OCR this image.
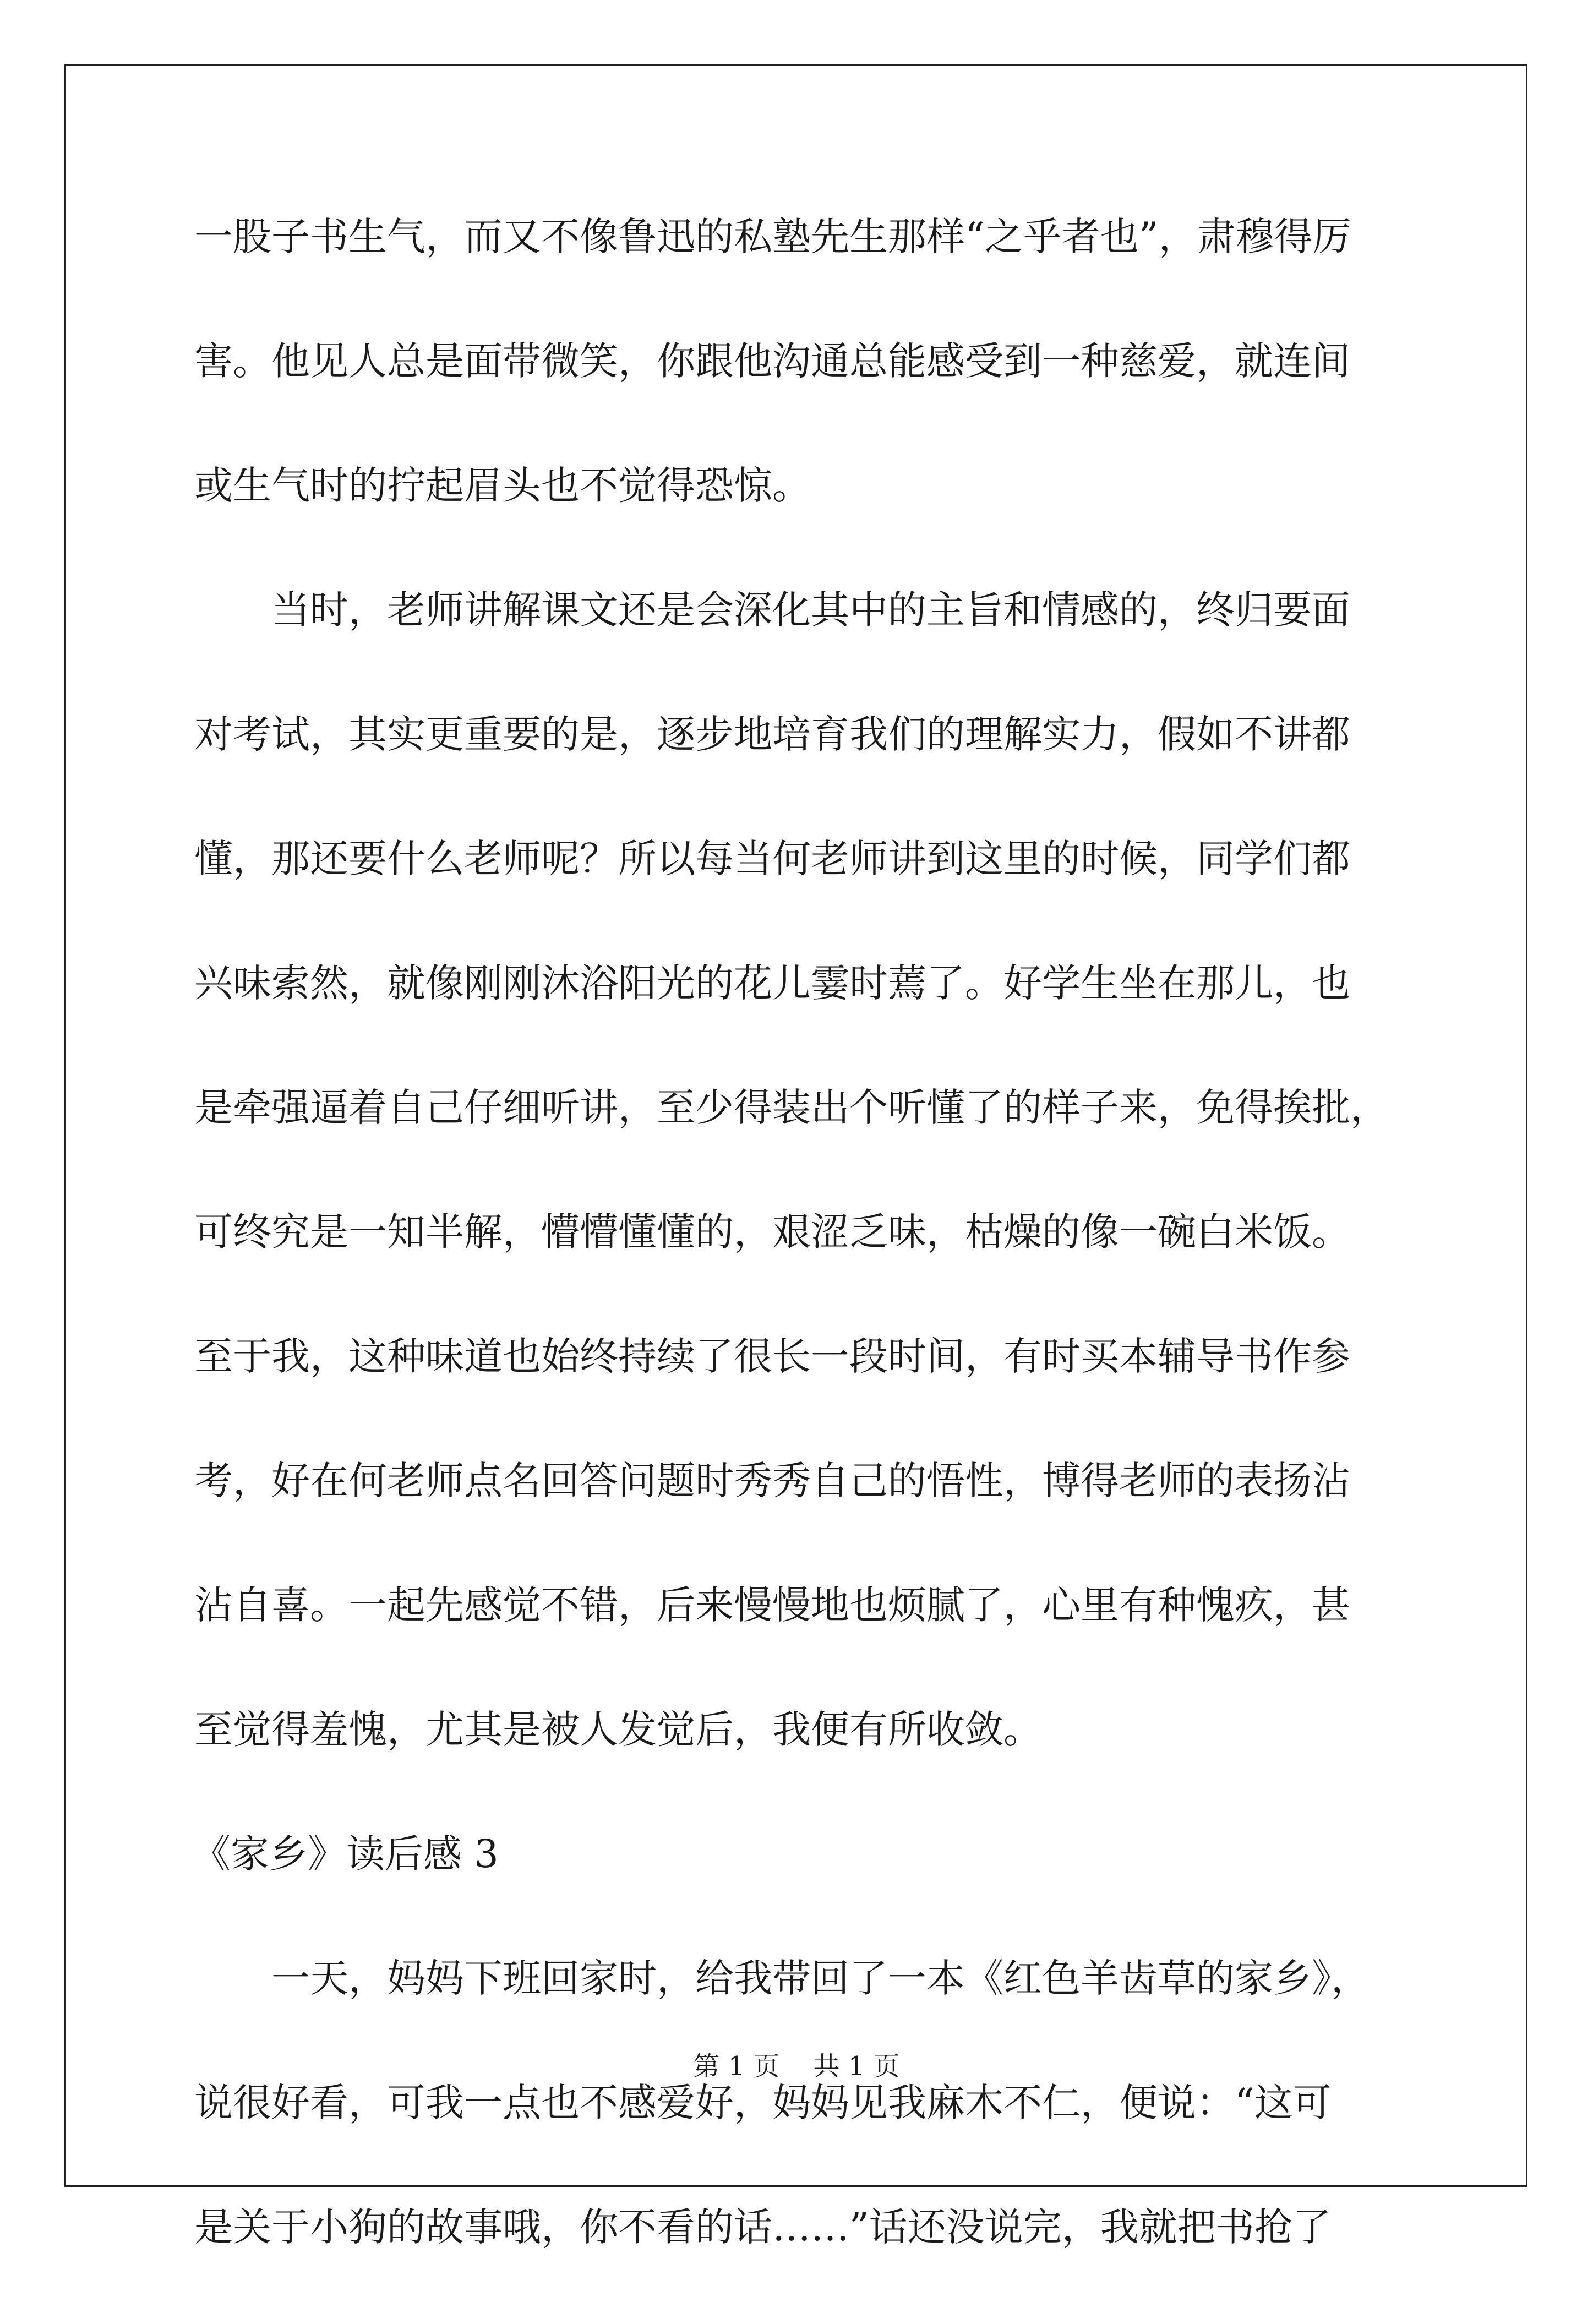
一股子书生气，而又不像鲁迅的私塾先生那样“之乎者也”，肃穆得厉
害。他见人总是面带微笑，你跟他沟通总能感受到一种慈爱，就连间
或生气时的拧起眉头也不觉得恐惊。
当时，老师讲解课文还是会深化其中的主旨和情感的，终归要面
对考试，其实更重要的是，逐步地培育我们的理解实力，假如不讲都
懂，那还要什么老师呢？所以每当何老师讲到这里的时候，同学们都
兴味索然，就像刚刚沐浴阳光的花儿霎时蔫了。好学生坐在那儿，也
是牵强逼着自己仔细听讲，至少得装出个听懂了的样子来，免得挨批，
可终究是一知半解，懵懵懂懂的，艰涩乏味，枯燥的像一碗白米饭。
至于我，这种味道也始终持续了很长一段时间，有时买本辅导书作参
考，好在何老师点名回答问题时秀秀自己的悟性，博得老师的表扬沾
沾自喜。一起先感觉不错，后来慢慢地也烦腻了，心里有种愧疚，甚
至觉得羞愧，尤其是被人发觉后，我便有所收敛。
《家乡》读后感 3
一天，妈妈下班回家时，给我带回了一本《红色羊齿草的家乡》，
说很好看，可我一点也不感爱好，妈妈见我麻木不仁，便说：“这可
是关于小狗的故事哦，你不看的话……”话还没说完，我就把书抢了
第 1 页    共 1 页
